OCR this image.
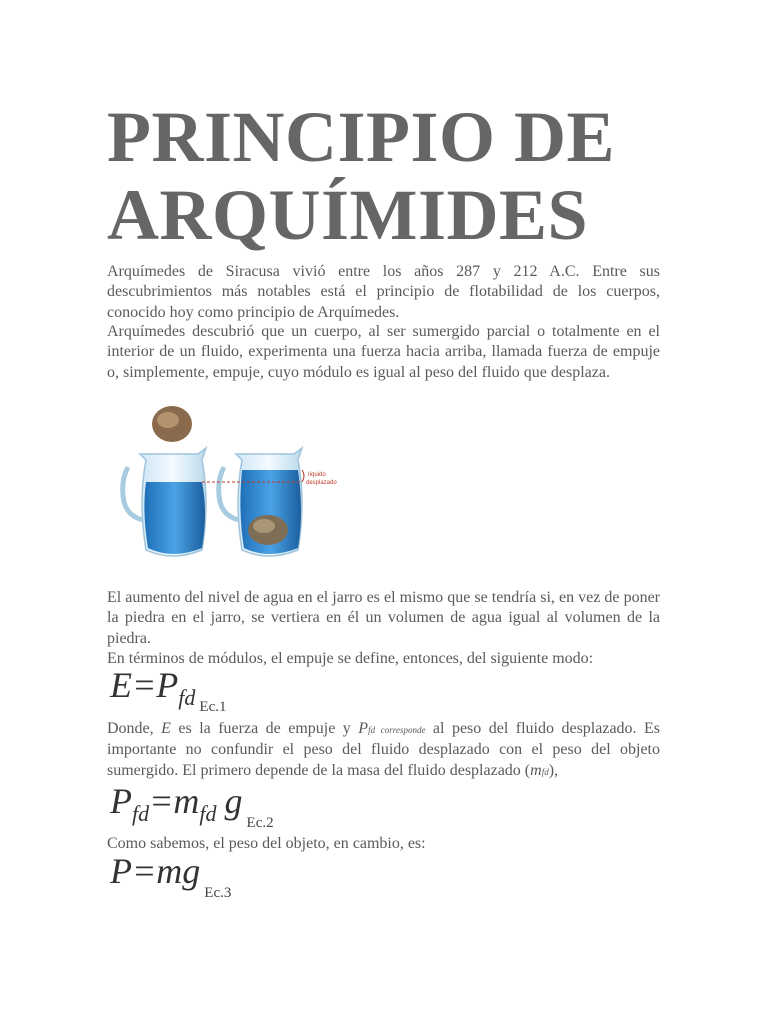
PRINCIPIO DE ARQUÍMIDES

Arquímedes de Siracusa vivió entre los años 287 y 212 A.C. Entre sus descubrimientos más notables está el principio de flotabilidad de los cuerpos, conocido hoy como principio de Arquímedes.

Arquímedes descubrió que un cuerpo, al ser sumergido parcial o totalmente en el interior de un fluido, experimenta una fuerza hacia arriba, llamada fuerza de empuje o, simplemente, empuje, cuyo módulo es igual al peso del fluido que desplaza.

líquido
desplazado

El aumento del nivel de agua en el jarro es el mismo que se tendría si, en vez de poner la piedra en el jarro, se vertiera en él un volumen de agua igual al volumen de la piedra.

En términos de módulos, el empuje se define, entonces, del siguiente modo:

E=Pfd Ec.1

Donde, E es la fuerza de empuje y Pfd corresponde al peso del fluido desplazado. Es importante no confundir el peso del fluido desplazado con el peso del objeto sumergido. El primero depende de la masa del fluido desplazado (mfd),

Pfd=mfd gEc.2

Como sabemos, el peso del objeto, en cambio, es:

P=mgEc.3
